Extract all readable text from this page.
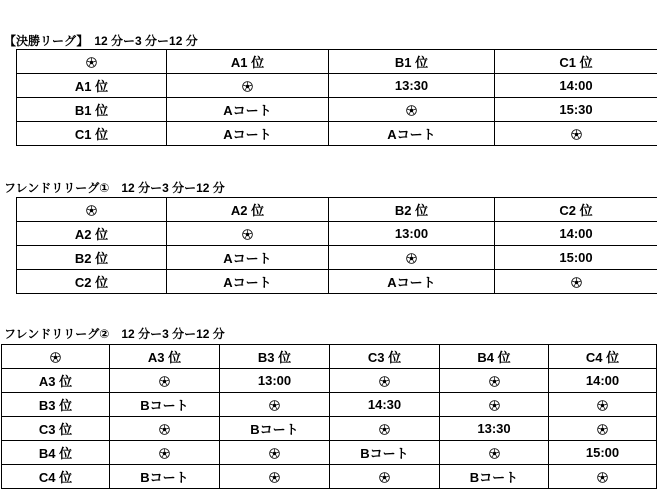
【決勝リーグ】　12 分ー3 分ー12 分
	A1 位	B1 位	C1 位
A1 位		13:30	14:00
B1 位	Aコート		15:30
C1 位	Aコート	Aコート	
フレンドリリーグ①　12 分ー3 分ー12 分
	A2 位	B2 位	C2 位
A2 位		13:00	14:00
B2 位	Aコート		15:00
C2 位	Aコート	Aコート	
フレンドリリーグ②　12 分ー3 分ー12 分
	A3 位	B3 位	C3 位	B4 位	C4 位
A3 位		13:00			14:00
B3 位	Bコート		14:30		
C3 位		Bコート		13:30	
B4 位			Bコート		15:00
C4 位	Bコート			Bコート	
